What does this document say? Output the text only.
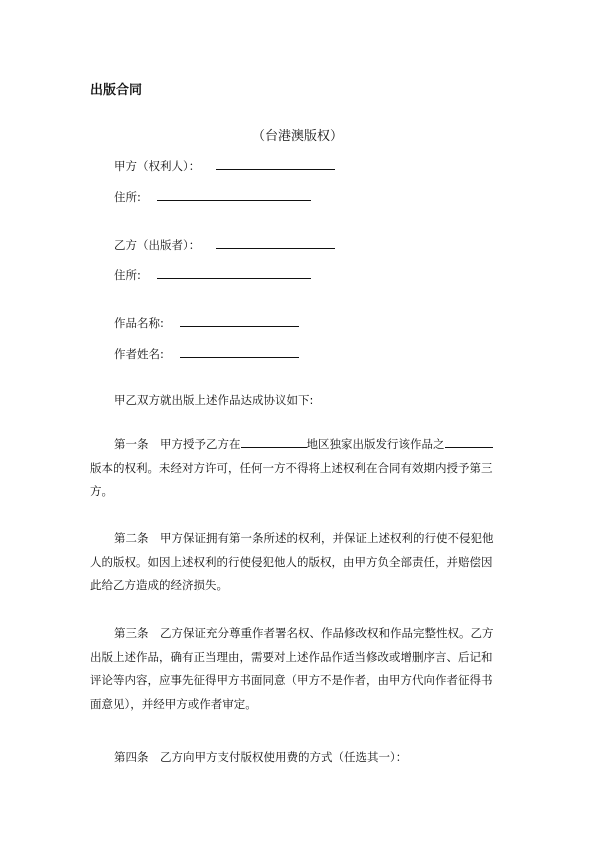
出版合同
（台港澳版权）
甲方（权利人）：
住所:
乙方（出版者）：
住所:
作品名称:
作者姓名:
甲乙双方就出版上述作品达成协议如下:
第一条　甲方授予乙方在	地区独家出版发行该作品之
版本的权利。未经对方许可，任何一方不得将上述权利在合同有效期内授予第三
方。
第二条　甲方保证拥有第一条所述的权利，并保证上述权利的行使不侵犯他
人的版权。如因上述权利的行使侵犯他人的版权，由甲方负全部责任，并赔偿因
此给乙方造成的经济损失。
第三条　乙方保证充分尊重作者署名权、作品修改权和作品完整性权。乙方
出版上述作品，确有正当理由，需要对上述作品作适当修改或增删序言、后记和
评论等内容，应事先征得甲方书面同意（甲方不是作者，由甲方代向作者征得书
面意见），并经甲方或作者审定。
第四条　乙方向甲方支付版权使用费的方式（任选其一）：
